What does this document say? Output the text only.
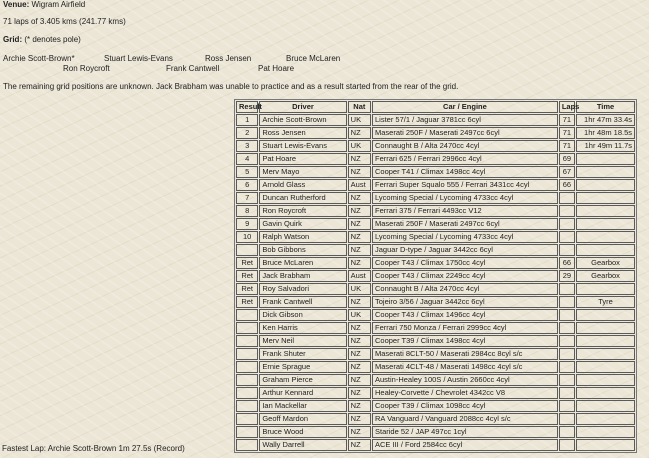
Venue: Wigram Airfield
71 laps of 3.405 kms (241.77 kms)
Grid: (* denotes pole)
Archie Scott-Brown*	Stuart Lewis-Evans	Ross Jensen	Bruce McLaren
Ron Roycroft	Frank Cantwell	Pat Hoare
The remaining grid positions are unknown. Jack Brabham was unable to practice and as a result started from the rear of the grid.
Result	Driver	Nat	Car / Engine	Laps	Time
1	Archie Scott-Brown	UK	Lister 57/1 / Jaguar 3781cc 6cyl	71	1hr 47m 33.4s
2	Ross Jensen	NZ	Maserati 250F / Maserati 2497cc 6cyl	71	1hr 48m 18.5s
3	Stuart Lewis-Evans	UK	Connaught B / Alta 2470cc 4cyl	71	1hr 49m 11.7s
4	Pat Hoare	NZ	Ferrari 625 / Ferrari 2996cc 4cyl	69	
5	Merv Mayo	NZ	Cooper T41 / Climax 1498cc 4cyl	67	
6	Arnold Glass	Aust	Ferrari Super Squalo 555 / Ferrari 3431cc 4cyl	66	
7	Duncan Rutherford	NZ	Lycoming Special / Lycoming 4733cc 4cyl		
8	Ron Roycroft	NZ	Ferrari 375 / Ferrari 4493cc V12		
9	Gavin Quirk	NZ	Maserati 250F / Maserati 2497cc 6cyl		
10	Ralph Watson	NZ	Lycoming Special / Lycoming 4733cc 4cyl		
	Bob Gibbons	NZ	Jaguar D-type / Jaguar 3442cc 6cyl		
Ret	Bruce McLaren	NZ	Cooper T43 / Climax 1750cc 4cyl	66	Gearbox
Ret	Jack Brabham	Aust	Cooper T43 / Climax 2249cc 4cyl	29	Gearbox
Ret	Roy Salvadori	UK	Connaught B / Alta 2470cc 4cyl		
Ret	Frank Cantwell	NZ	Tojeiro 3/56 / Jaguar 3442cc 6cyl		Tyre
	Dick Gibson	UK	Cooper T43 / Climax 1496cc 4cyl		
	Ken Harris	NZ	Ferrari 750 Monza / Ferrari 2999cc 4cyl		
	Merv Neil	NZ	Cooper T39 / Climax 1498cc 4cyl		
	Frank Shuter	NZ	Maserati 8CLT-50 / Maserati 2984cc 8cyl s/c		
	Ernie Sprague	NZ	Maserati 4CLT-48 / Maserati 1498cc 4cyl s/c		
	Graham Pierce	NZ	Austin-Healey 100S / Austin 2660cc 4cyl		
	Arthur Kennard	NZ	Healey-Corvette / Chevrolet 4342cc V8		
	Ian Mackellar	NZ	Cooper T39 / Climax 1098cc 4cyl		
	Geoff Mardon	NZ	RA Vanguard / Vanguard 2088cc 4cyl s/c		
	Bruce Wood	NZ	Staride 52 / JAP 497cc 1cyl		
	Wally Darrell	NZ	ACE III / Ford 2584cc 6cyl		
Fastest Lap: Archie Scott-Brown 1m 27.5s (Record)
